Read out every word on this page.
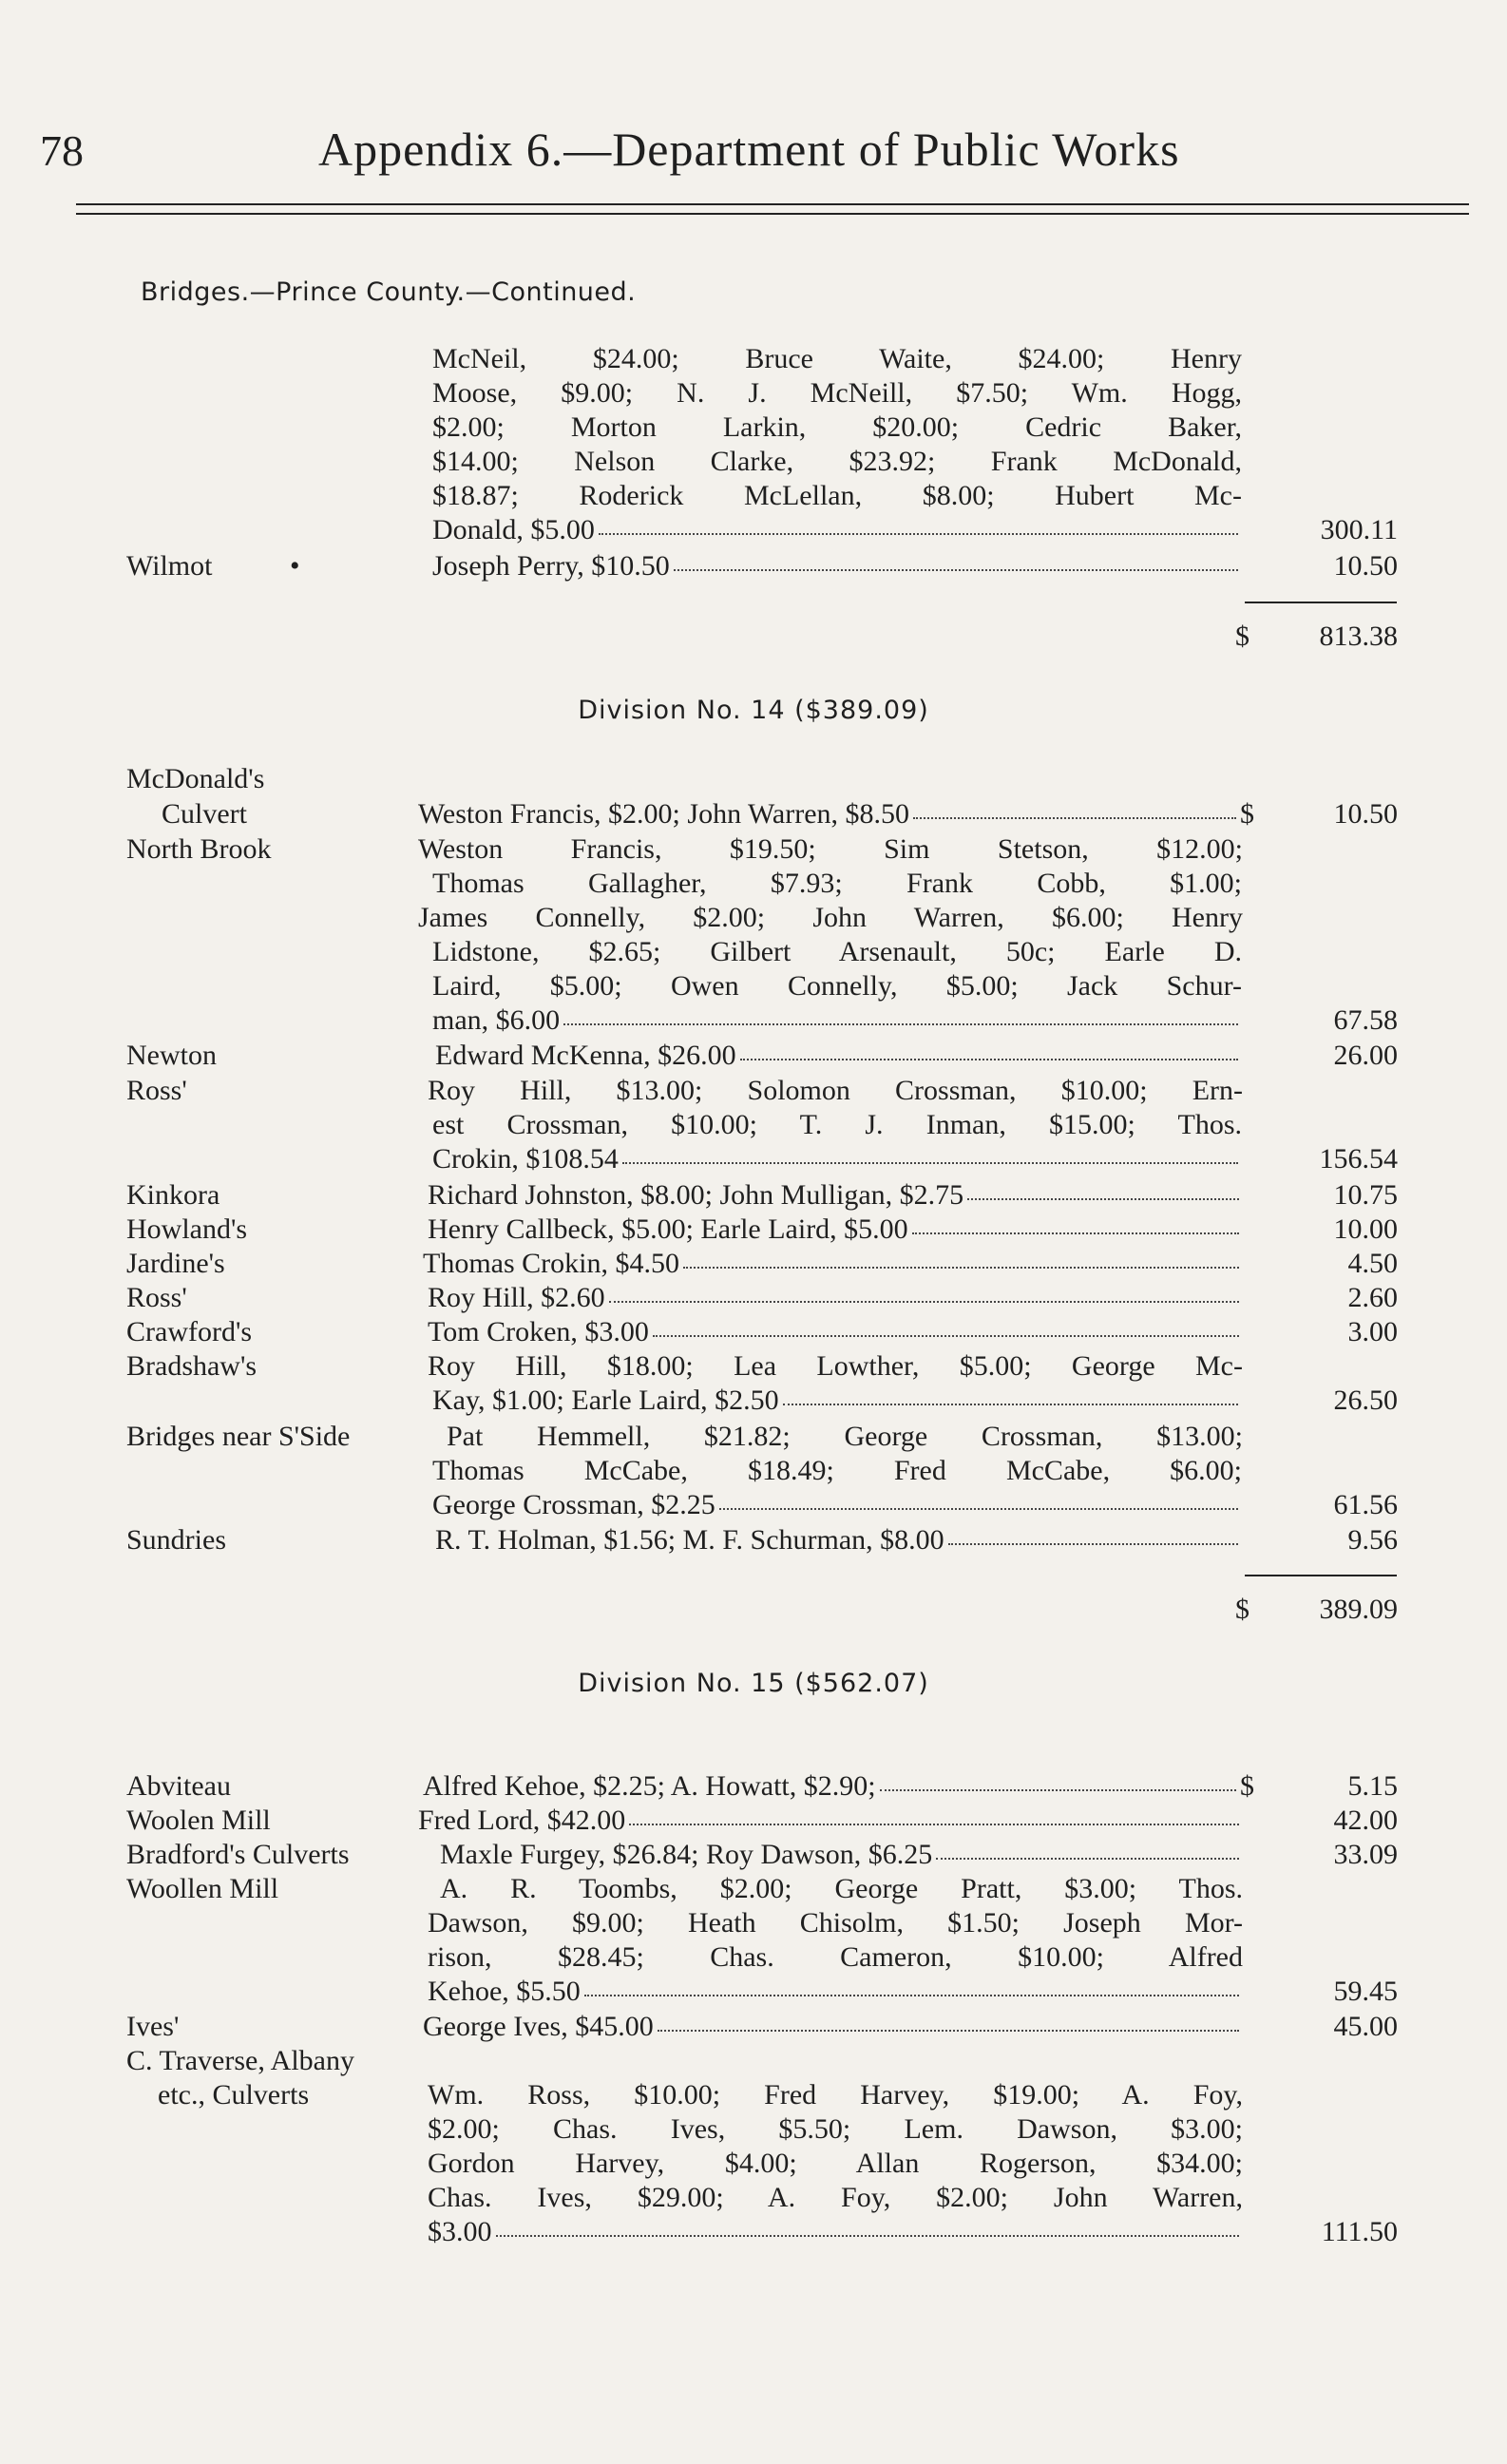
78	Appendix 6.—Department of Public Works
Bridges.—Prince County.—Continued.
McNeil, $24.00; Bruce Waite, $24.00; Henry
Moose, $9.00; N. J. McNeill, $7.50; Wm. Hogg,
$2.00; Morton Larkin, $20.00; Cedric Baker,
$14.00; Nelson Clarke, $23.92; Frank McDonald,
$18.87; Roderick McLellan, $8.00; Hubert Mc-
Donald, $5.00	300.11
Wilmot	•	Joseph Perry, $10.50	10.50
$ 813.38
Division No. 14 ($389.09)
McDonald's
Culvert	Weston Francis, $2.00; John Warren, $8.50	$	10.50
North Brook	Weston Francis, $19.50; Sim Stetson, $12.00;
Thomas Gallagher, $7.93; Frank Cobb, $1.00;
James Connelly, $2.00; John Warren, $6.00; Henry
Lidstone, $2.65; Gilbert Arsenault, 50c; Earle D.
Laird, $5.00; Owen Connelly, $5.00; Jack Schur-
man, $6.00	67.58
Newton	Edward McKenna, $26.00	26.00
Ross'	Roy Hill, $13.00; Solomon Crossman, $10.00; Ern-
est Crossman, $10.00; T. J. Inman, $15.00; Thos.
Crokin, $108.54	156.54
Kinkora	Richard Johnston, $8.00; John Mulligan, $2.75	10.75
Howland's	Henry Callbeck, $5.00; Earle Laird, $5.00	10.00
Jardine's	Thomas Crokin, $4.50	4.50
Ross'	Roy Hill, $2.60	2.60
Crawford's	Tom Croken, $3.00	3.00
Bradshaw's	Roy Hill, $18.00; Lea Lowther, $5.00; George Mc-
Kay, $1.00; Earle Laird, $2.50	26.50
Bridges near S'Side	Pat Hemmell, $21.82; George Crossman, $13.00;
Thomas McCabe, $18.49; Fred McCabe, $6.00;
George Crossman, $2.25	61.56
Sundries	R. T. Holman, $1.56; M. F. Schurman, $8.00	9.56
$ 389.09
Division No. 15 ($562.07)
Abviteau	Alfred Kehoe, $2.25; A. Howatt, $2.90;	$	5.15
Woolen Mill	Fred Lord, $42.00	42.00
Bradford's Culverts	Maxle Furgey, $26.84; Roy Dawson, $6.25	33.09
Woollen Mill	A. R. Toombs, $2.00; George Pratt, $3.00; Thos.
Dawson, $9.00; Heath Chisolm, $1.50; Joseph Mor-
rison, $28.45; Chas. Cameron, $10.00; Alfred
Kehoe, $5.50	59.45
Ives'	George Ives, $45.00	45.00
C. Traverse, Albany
etc., Culverts	Wm. Ross, $10.00; Fred Harvey, $19.00; A. Foy,
$2.00; Chas. Ives, $5.50; Lem. Dawson, $3.00;
Gordon Harvey, $4.00; Allan Rogerson, $34.00;
Chas. Ives, $29.00; A. Foy, $2.00; John Warren,
$3.00	111.50
